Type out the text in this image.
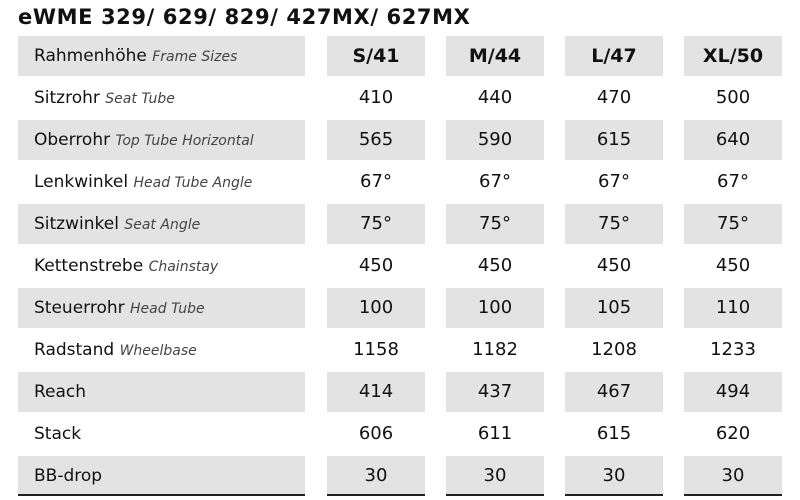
eWME 329/ 629/ 829/ 427MX/ 627MX
Rahmenhöhe Frame Sizes	S/41	M/44	L/47	XL/50
Sitzrohr Seat Tube	410	440	470	500
Oberrohr Top Tube Horizontal	565	590	615	640
Lenkwinkel Head Tube Angle	67°	67°	67°	67°
Sitzwinkel Seat Angle	75°	75°	75°	75°
Kettenstrebe Chainstay	450	450	450	450
Steuerrohr Head Tube	100	100	105	110
Radstand Wheelbase	1158	1182	1208	1233
Reach	414	437	467	494
Stack	606	611	615	620
BB-drop	30	30	30	30
